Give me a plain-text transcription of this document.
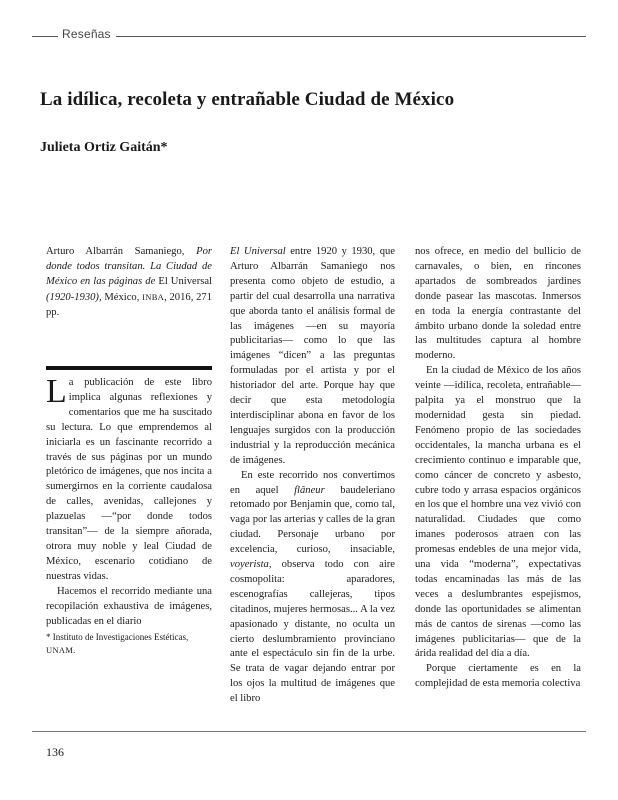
Reseñas
La idílica, recoleta y entrañable Ciudad de México
Julieta Ortiz Gaitán*

Arturo Albarrán Samaniego, Por donde todos transitan. La Ciudad de México en las páginas de El Universal (1920-1930), México, INBA, 2016, 271 pp.

La publicación de este libro implica algunas reflexiones y comentarios que me ha suscitado su lectura. Lo que emprendemos al iniciarla es un fascinante recorrido a través de sus páginas por un mundo pletórico de imágenes, que nos incita a sumergirnos en la corriente caudalosa de calles, avenidas, callejones y plazuelas —“por donde todos transitan”— de la siempre añorada, otrora muy noble y leal Ciudad de México, escenario cotidiano de nuestras vidas.

Hacemos el recorrido mediante una recopilación exhaustiva de imágenes, publicadas en el diario

El Universal entre 1920 y 1930, que Arturo Albarrán Samaniego nos presenta como objeto de estudio, a partir del cual desarrolla una narrativa que aborda tanto el análisis formal de las imágenes —en su mayoría publicitarias— como lo que las imágenes “dicen” a las preguntas formuladas por el artista y por el historiador del arte. Porque hay que decir que esta metodología interdisciplinar abona en favor de los lenguajes surgidos con la producción industrial y la reproducción mecánica de imágenes.

En este recorrido nos convertimos en aquel flâneur baudeleriano retomado por Benjamin que, como tal, vaga por las arterias y calles de la gran ciudad. Personaje urbano por excelencia, curioso, insaciable, voyerista, observa todo con aire cosmopolita: aparadores, escenografías callejeras, tipos citadinos, mujeres hermosas... A la vez apasionado y distante, no oculta un cierto deslumbramiento provinciano ante el espectáculo sin fin de la urbe. Se trata de vagar dejando entrar por los ojos la multitud de imágenes que el libro

nos ofrece, en medio del bullicio de carnavales, o bien, en rincones apartados de sombreados jardines donde pasear las mascotas. Inmersos en toda la energía contrastante del ámbito urbano donde la soledad entre las multitudes captura al hombre moderno.

En la ciudad de México de los años veinte —idílica, recoleta, entrañable— palpita ya el monstruo que la modernidad gesta sin piedad. Fenómeno propio de las sociedades occidentales, la mancha urbana es el crecimiento continuo e imparable que, como cáncer de concreto y asbesto, cubre todo y arrasa espacios orgánicos en los que el hombre una vez vivió con naturalidad. Ciudades que como imanes poderosos atraen con las promesas endebles de una mejor vida, una vida “moderna”, expectativas todas encaminadas las más de las veces a deslumbrantes espejismos, donde las oportunidades se alimentan más de cantos de sirenas —como las imágenes publicitarias— que de la árida realidad del día a día.

Porque ciertamente es en la complejidad de esta memoria colectiva

* Instituto de Investigaciones Estéticas, UNAM.
136
